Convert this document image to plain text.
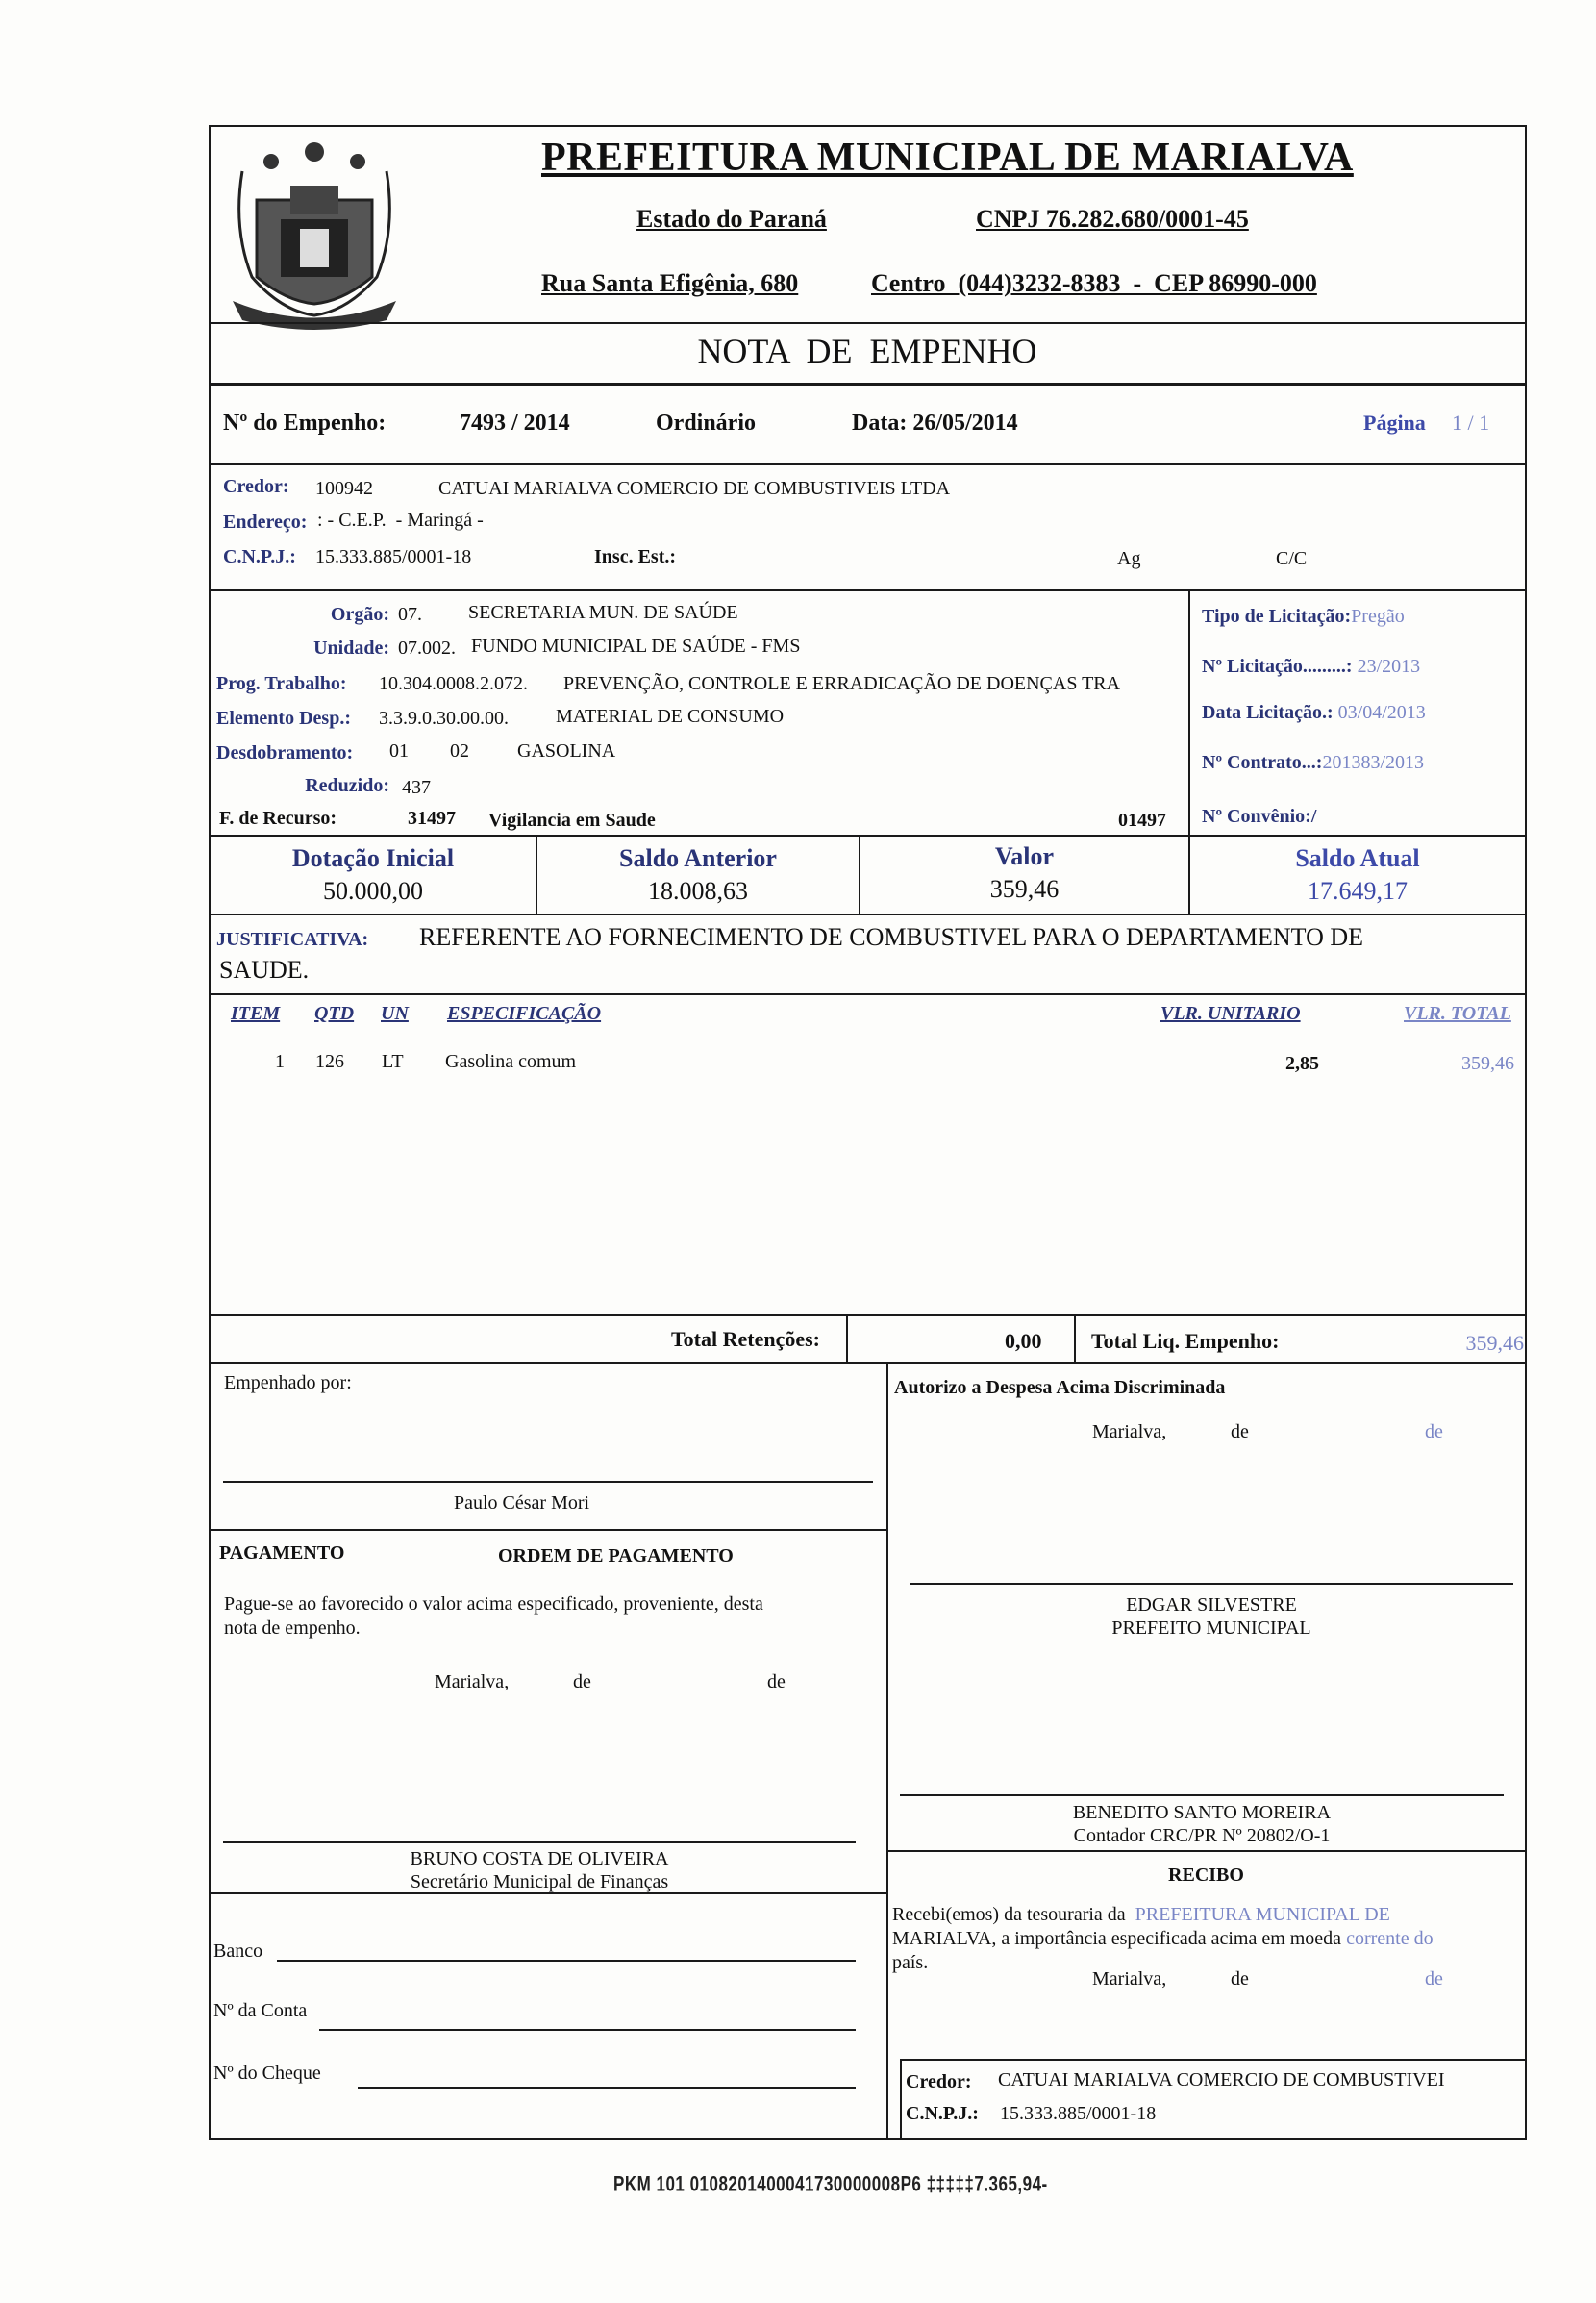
PREFEITURA MUNICIPAL DE MARIALVA
Estado do Paraná	CNPJ 76.282.680/0001-45
Rua Santa Efigênia, 680	Centro  (044)3232-8383  -  CEP 86990-000
NOTA  DE  EMPENHO
Nº do Empenho:	7493 / 2014	Ordinário	Data: 26/05/2014	Página 1 / 1
Credor: 100942	CATUAI MARIALVA COMERCIO DE COMBUSTIVEIS LTDA
Endereço: : - C.E.P.  - Maringá -
C.N.P.J.: 15.333.885/0001-18	Insc. Est.:	Ag	C/C
Orgão: 07. SECRETARIA MUN. DE SAÚDE
Unidade: 07.002. FUNDO MUNICIPAL DE SAÚDE - FMS
Prog. Trabalho: 10.304.0008.2.072. PREVENÇÃO, CONTROLE E ERRADICAÇÃO DE DOENÇAS TRA
Elemento Desp.: 3.3.9.0.30.00.00. MATERIAL DE CONSUMO
Desdobramento: 01 02	GASOLINA
Reduzido: 437
F. de Recurso:	31497 Vigilancia em Saude	01497
Tipo de Licitação:Pregão
Nº Licitação.........: 23/2013
Data Licitação.: 03/04/2013
Nº Contrato...:201383/2013
Nº Convênio:/
Dotação Inicial
50.000,00
Saldo Anterior
18.008,63
Valor
359,46
Saldo Atual
17.649,17
JUSTIFICATIVA: REFERENTE AO FORNECIMENTO DE COMBUSTIVEL PARA O DEPARTAMENTO DE
SAUDE.
ITEM QTD UN ESPECIFICAÇÃO	VLR. UNITARIO	VLR. TOTAL
1 126 LT Gasolina comum	2,85	359,46
Total Retenções:	0,00 Total Liq. Empenho:	359,46
Empenhado por:
Paulo César Mori
Autorizo a Despesa Acima Discriminada
Marialva,	de	de
PAGAMENTO	ORDEM DE PAGAMENTO
Pague-se ao favorecido o valor acima especificado, proveniente, desta
nota de empenho.
Marialva,	de	de
EDGAR SILVESTRE
PREFEITO MUNICIPAL
BENEDITO SANTO MOREIRA
Contador CRC/PR Nº 20802/O-1
BRUNO COSTA DE OLIVEIRA
Secretário Municipal de Finanças	RECIBO
Recebi(emos) da tesouraria da PREFEITURA MUNICIPAL DE
MARIALVA, a importância especificada acima em moeda corrente do
país.
Marialva,	de	de
Banco
Nº da Conta
Nº do Cheque	Credor: CATUAI MARIALVA COMERCIO DE COMBUSTIVEI
C.N.P.J.: 15.333.885/0001-18
PKM 101 0108201400041730000008P6 ‡‡‡‡‡7.365,94-
